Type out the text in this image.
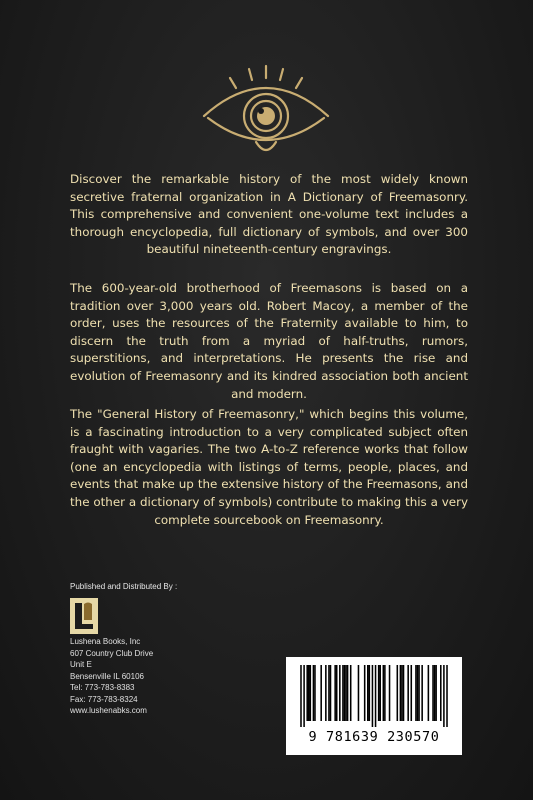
Discover the remarkable history of the most widely known secretive fraternal organization in A Dictionary of Freemasonry. This comprehensive and convenient one-volume text includes a thorough encyclopedia, full dictionary of symbols, and over 300 beautiful nineteenth-century engravings.

The 600-year-old brotherhood of Freemasons is based on a tradition over 3,000 years old. Robert Macoy, a member of the order, uses the resources of the Fraternity available to him, to discern the truth from a myriad of half-truths, rumors, superstitions, and interpretations. He presents the rise and evolution of Freemasonry and its kindred association both ancient and modern.

The "General History of Freemasonry," which begins this volume, is a fascinating introduction to a very complicated subject often fraught with vagaries. The two A-to-Z reference works that follow (one an encyclopedia with listings of terms, people, places, and events that make up the extensive history of the Freemasons, and the other a dictionary of symbols) contribute to making this a very complete sourcebook on Freemasonry.

Published and Distributed By :
Lushena Books, Inc
607 Country Club Drive
Unit E
Bensenville IL 60106
Tel: 773-783-8383
Fax: 773-783-8324
www.lushenabks.com
9 781639 230570
